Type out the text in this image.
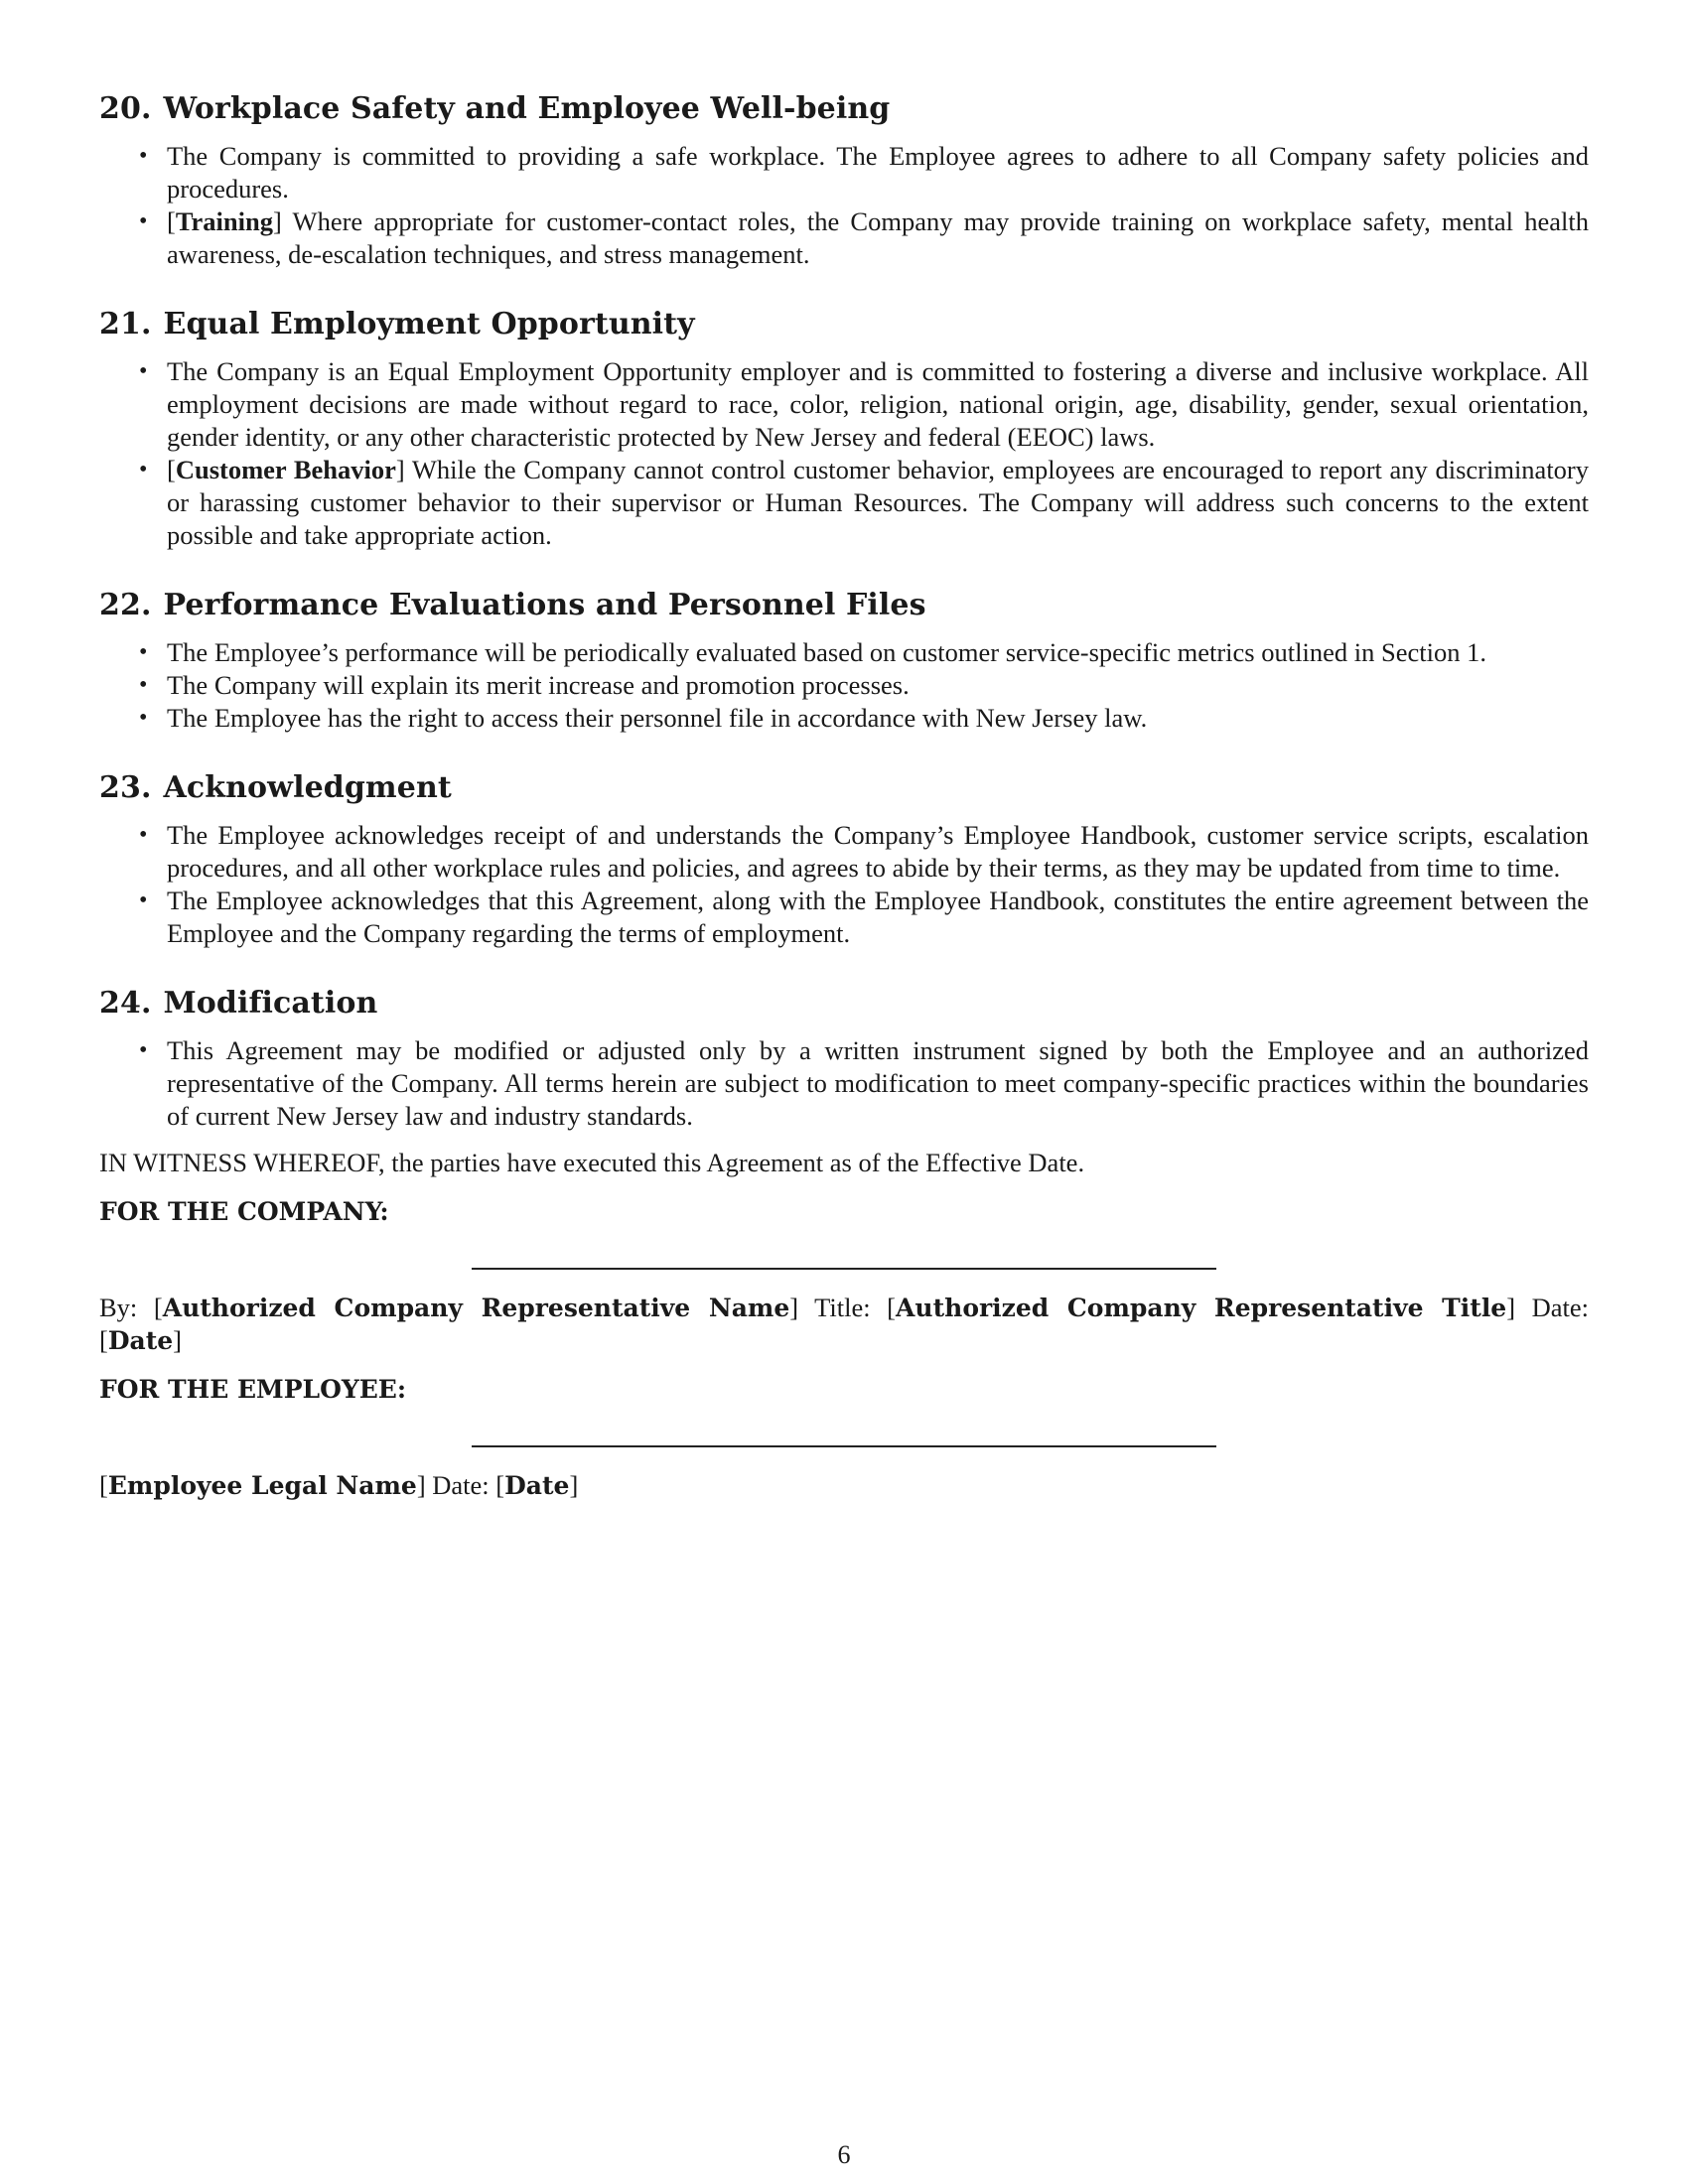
20. Workplace Safety and Employee Well-being
• The Company is committed to providing a safe workplace. The Employee agrees to adhere to all Company safety policies and procedures.
• [Training] Where appropriate for customer-contact roles, the Company may provide training on workplace safety, mental health awareness, de-escalation techniques, and stress management.
21. Equal Employment Opportunity
• The Company is an Equal Employment Opportunity employer and is committed to fostering a diverse and inclusive workplace. All employment decisions are made without regard to race, color, religion, national origin, age, disability, gender, sexual orientation, gender identity, or any other characteristic protected by New Jersey and federal (EEOC) laws.
• [Customer Behavior] While the Company cannot control customer behavior, employees are encouraged to report any discriminatory or harassing customer behavior to their supervisor or Human Resources. The Company will address such concerns to the extent possible and take appropriate action.
22. Performance Evaluations and Personnel Files
• The Employee’s performance will be periodically evaluated based on customer service-specific metrics outlined in Section 1.
• The Company will explain its merit increase and promotion processes.
• The Employee has the right to access their personnel file in accordance with New Jersey law.
23. Acknowledgment
• The Employee acknowledges receipt of and understands the Company’s Employee Handbook, customer service scripts, escalation procedures, and all other workplace rules and policies, and agrees to abide by their terms, as they may be updated from time to time.
• The Employee acknowledges that this Agreement, along with the Employee Handbook, constitutes the entire agreement between the Employee and the Company regarding the terms of employment.
24. Modification
• This Agreement may be modified or adjusted only by a written instrument signed by both the Employee and an authorized representative of the Company. All terms herein are subject to modification to meet company-specific practices within the boundaries of current New Jersey law and industry standards.

IN WITNESS WHEREOF, the parties have executed this Agreement as of the Effective Date.

FOR THE COMPANY:

By: [Authorized Company Representative Name] Title: [Authorized Company Representative Title] Date:

[Date]

FOR THE EMPLOYEE:

[Employee Legal Name] Date: [Date]

6
